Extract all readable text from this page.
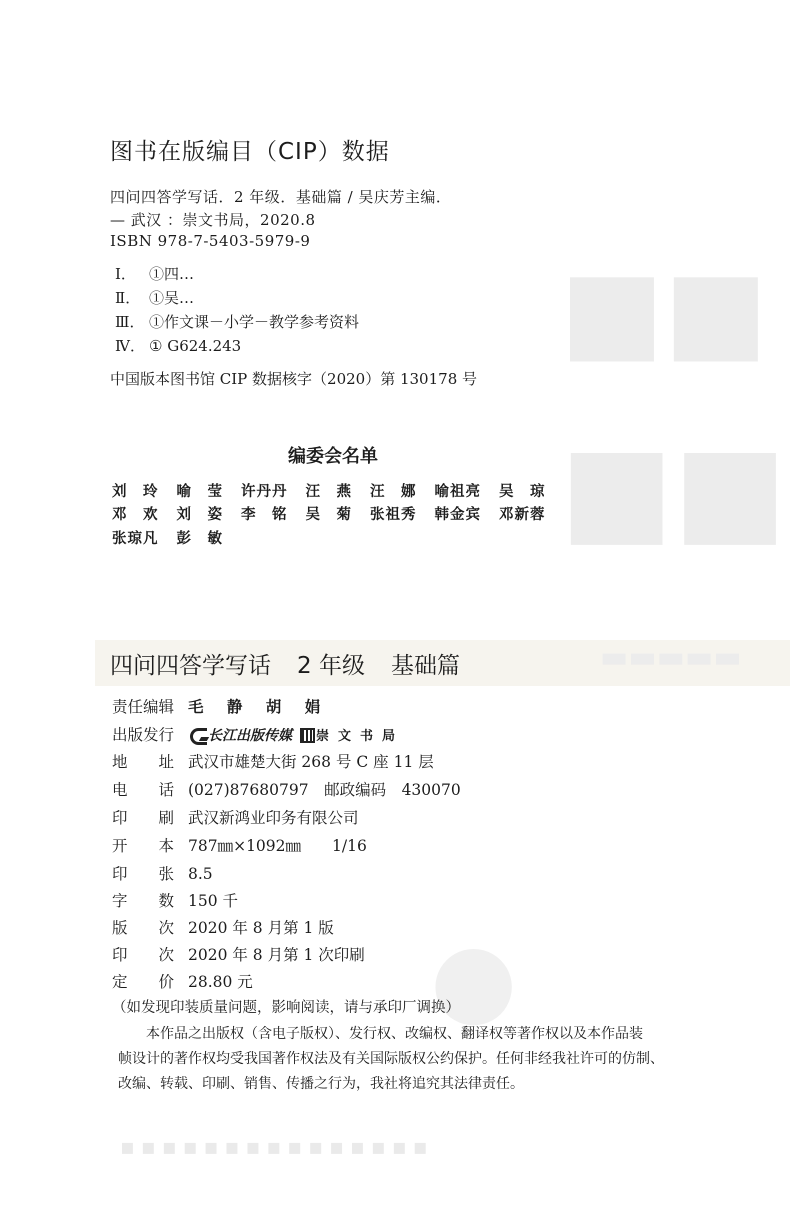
■■
■■
▬▬▬▬▬
●
▪▪▪▪▪▪▪▪▪▪▪▪▪▪▪
图书在版编目（CIP）数据
四问四答学写话．2 年级．基础篇 / 吴庆芳主编．
— 武汉 ：崇文书局，2020.8
ISBN 978-7-5403-5979-9
Ⅰ． ①四…
Ⅱ． ①吴…
Ⅲ． ①作文课－小学－教学参考资料
Ⅳ． ① G624.243
中国版本图书馆 CIP 数据核字（2020）第 130178 号
编委会名单
刘　玲 喻　莹 许丹丹 汪　燕 汪　娜 喻祖亮 吴　琼
邓　欢 刘　姿 李　铭 吴　菊 张祖秀 韩金宾 邓新蓉
张琼凡 彭　敏
四问四答学写话 2 年级 基础篇
责任编辑 毛 静 胡 娟
出版发行 长江出版传媒 崇文书局
地　　址 武汉市雄楚大街 268 号 C 座 11 层
电　　话 (027)87680797　邮政编码　430070
印　　刷 武汉新鸿业印务有限公司
开　　本 787㎜×1092㎜　　1/16
印　　张 8.5
字　　数 150 千
版　　次 2020 年 8 月第 1 版
印　　次 2020 年 8 月第 1 次印刷
定　　价 28.80 元
（如发现印装质量问题，影响阅读，请与承印厂调换）

本作品之出版权（含电子版权）、发行权、改编权、翻译权等著作权以及本作品装

帧设计的著作权均受我国著作权法及有关国际版权公约保护。任何非经我社许可的仿制、

改编、转载、印刷、销售、传播之行为，我社将追究其法律责任。
